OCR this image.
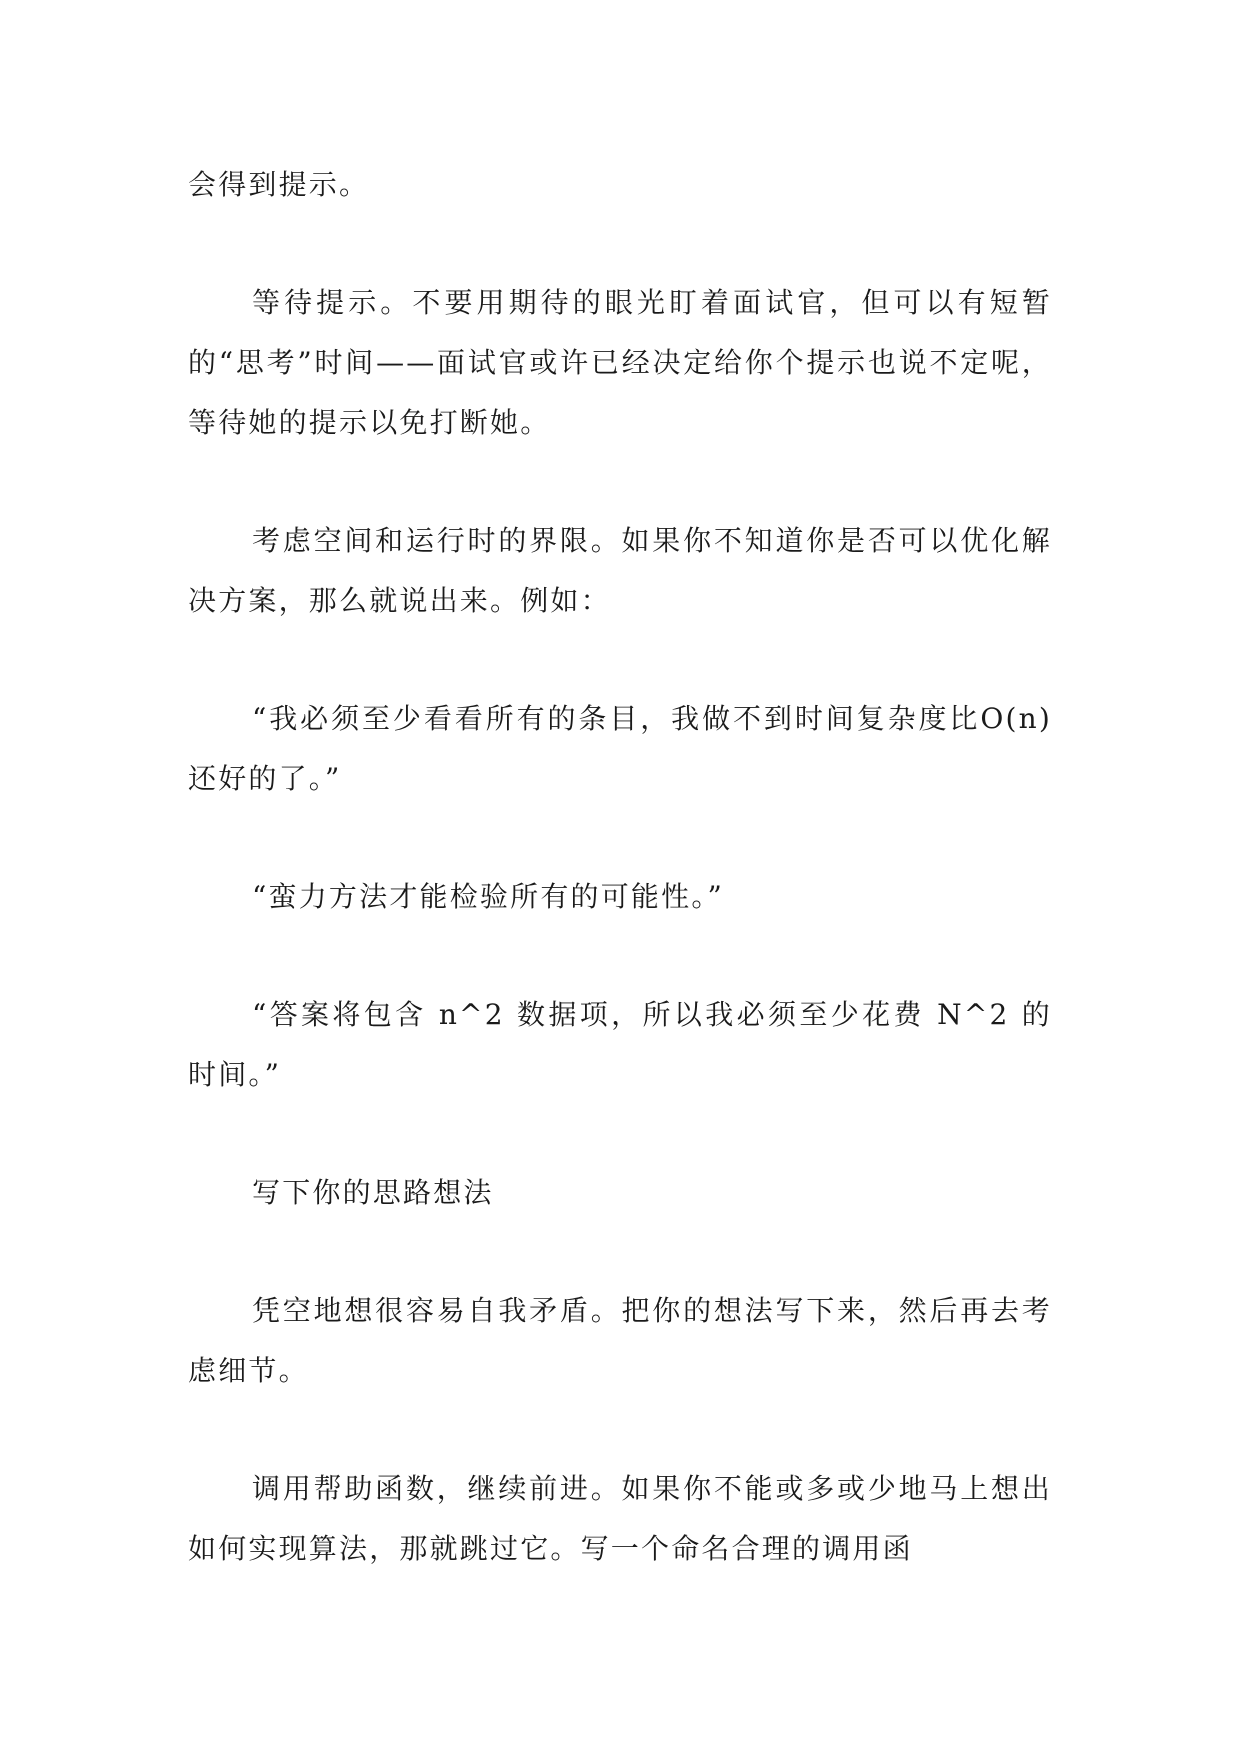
会得到提示。

等待提示。不要用期待的眼光盯着面试官，但可以有短暂的“思考”时间——面试官或许已经决定给你个提示也说不定呢，等待她的提示以免打断她。

考虑空间和运行时的界限。如果你不知道你是否可以优化解决方案，那么就说出来。例如：

“我必须至少看看所有的条目，我做不到时间复杂度比O(n)还好的了。”

“蛮力方法才能检验所有的可能性。”

“答案将包含 n^2 数据项，所以我必须至少花费 N^2 的时间。”

写下你的思路想法

凭空地想很容易自我矛盾。把你的想法写下来，然后再去考虑细节。

调用帮助函数，继续前进。如果你不能或多或少地马上想出如何实现算法，那就跳过它。写一个命名合理的调用函
